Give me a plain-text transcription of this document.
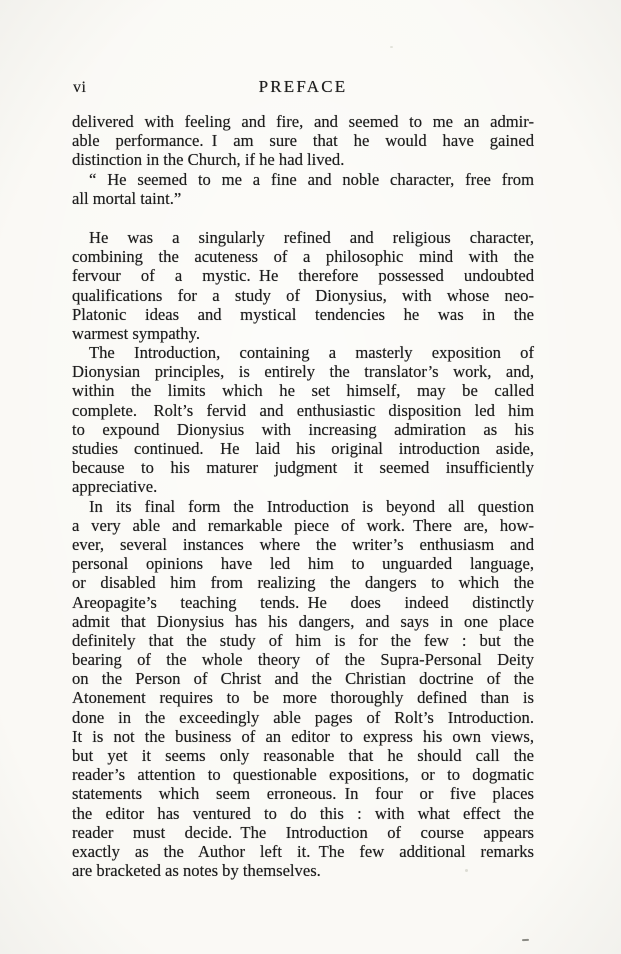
vi	PREFACE
delivered with feeling and fire, and seemed to me an admir-
able performance. I am sure that he would have gained
distinction in the Church, if he had lived.
“ He seemed to me a fine and noble character, free from
all mortal taint.”
He was a singularly refined and religious character,
combining the acuteness of a philosophic mind with the
fervour of a mystic. He therefore possessed undoubted
qualifications for a study of Dionysius, with whose neo-
Platonic ideas and mystical tendencies he was in the
warmest sympathy.
The Introduction, containing a masterly exposition of
Dionysian principles, is entirely the translator’s work, and,
within the limits which he set himself, may be called
complete.  Rolt’s fervid and enthusiastic disposition led him
to expound Dionysius with increasing admiration as his
studies continued.  He laid his original introduction aside,
because to his maturer judgment it seemed insufficiently
appreciative.
In its final form the Introduction is beyond all question
a very able and remarkable piece of work. There are, how-
ever, several instances where the writer’s enthusiasm and
personal opinions have led him to unguarded language,
or disabled him from realizing the dangers to which the
Areopagite’s teaching tends. He does indeed distinctly
admit that Dionysius has his dangers, and says in one place
definitely that the study of him is for the few : but the
bearing of the whole theory of the Supra-Personal Deity
on the Person of Christ and the Christian doctrine of the
Atonement requires to be more thoroughly defined than is
done in the exceedingly able pages of Rolt’s Introduction.
It is not the business of an editor to express his own views,
but yet it seems only reasonable that he should call the
reader’s attention to questionable expositions, or to dogmatic
statements which seem erroneous. In four or five places
the editor has ventured to do this : with what effect the
reader must decide. The Introduction of course appears
exactly as the Author left it. The few additional remarks
are bracketed as notes by themselves.
